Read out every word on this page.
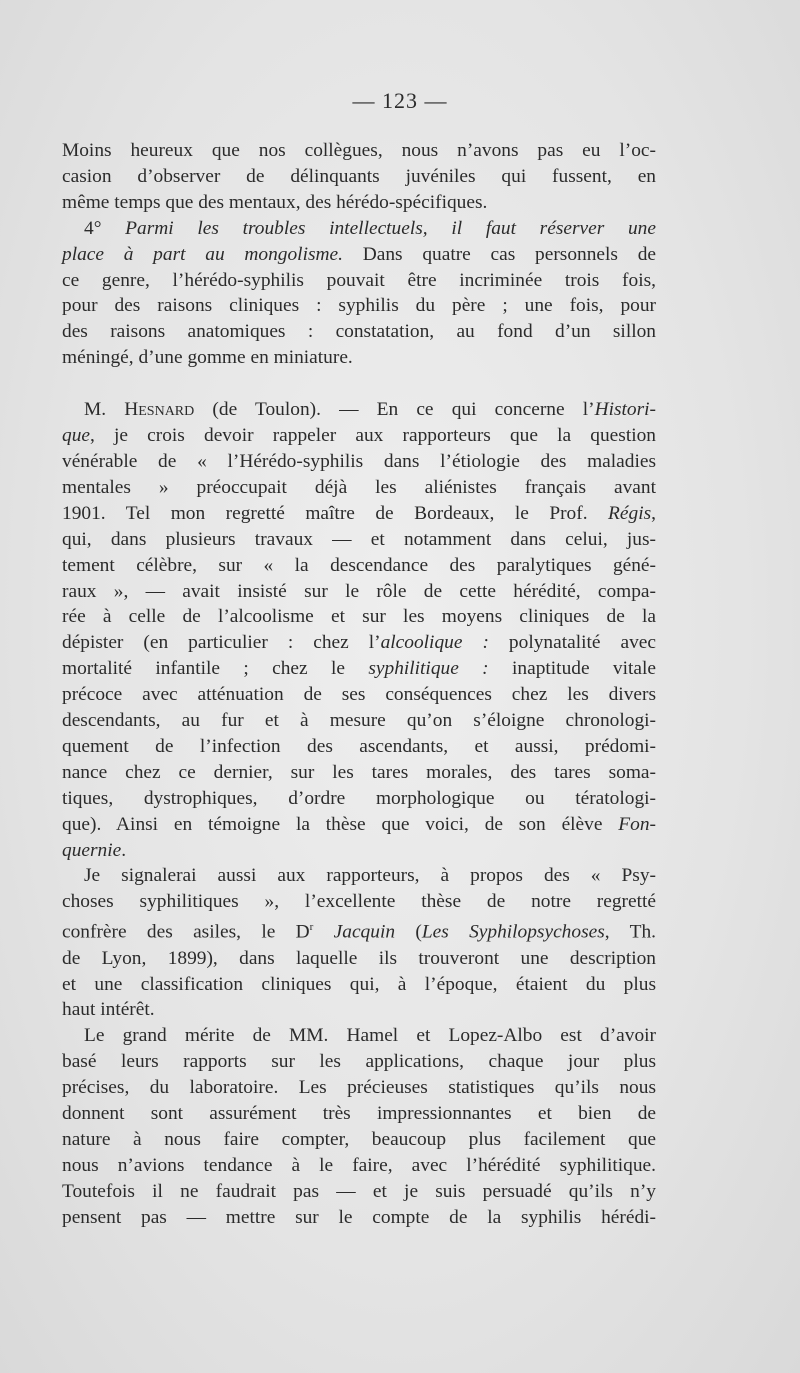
— 123 —

Moins heureux que nos collègues, nous n’avons pas eu l’oc-
casion d’observer de délinquants juvéniles qui fussent, en
même temps que des mentaux, des hérédo-spécifiques.

4° Parmi les troubles intellectuels, il faut réserver une
place à part au mongolisme. Dans quatre cas personnels de
ce genre, l’hérédo-syphilis pouvait être incriminée trois fois,
pour des raisons cliniques : syphilis du père ; une fois, pour
des raisons anatomiques : constatation, au fond d’un sillon
méningé, d’une gomme en miniature.

M. Hesnard (de Toulon). — En ce qui concerne l’Histori-
que, je crois devoir rappeler aux rapporteurs que la question
vénérable de « l’Hérédo-syphilis dans l’étiologie des maladies
mentales » préoccupait déjà les aliénistes français avant
1901. Tel mon regretté maître de Bordeaux, le Prof. Régis,
qui, dans plusieurs travaux — et notamment dans celui, jus-
tement célèbre, sur « la descendance des paralytiques géné-
raux », — avait insisté sur le rôle de cette hérédité, compa-
rée à celle de l’alcoolisme et sur les moyens cliniques de la
dépister (en particulier : chez l’alcoolique : polynatalité avec
mortalité infantile ; chez le syphilitique : inaptitude vitale
précoce avec atténuation de ses conséquences chez les divers
descendants, au fur et à mesure qu’on s’éloigne chronologi-
quement de l’infection des ascendants, et aussi, prédomi-
nance chez ce dernier, sur les tares morales, des tares soma-
tiques, dystrophiques, d’ordre morphologique ou tératologi-
que). Ainsi en témoigne la thèse que voici, de son élève Fon-
quernie.

Je signalerai aussi aux rapporteurs, à propos des « Psy-
choses syphilitiques », l’excellente thèse de notre regretté
confrère des asiles, le $D^r$ Jacquin (Les Syphilopsychoses, Th.
de Lyon, 1899), dans laquelle ils trouveront une description
et une classification cliniques qui, à l’époque, étaient du plus
haut intérêt.

Le grand mérite de MM. Hamel et Lopez-Albo est d’avoir
basé leurs rapports sur les applications, chaque jour plus
précises, du laboratoire. Les précieuses statistiques qu’ils nous
donnent sont assurément très impressionnantes et bien de
nature à nous faire compter, beaucoup plus facilement que
nous n’avions tendance à le faire, avec l’hérédité syphilitique.
Toutefois il ne faudrait pas — et je suis persuadé qu’ils n’y
pensent pas — mettre sur le compte de la syphilis hérédi-
